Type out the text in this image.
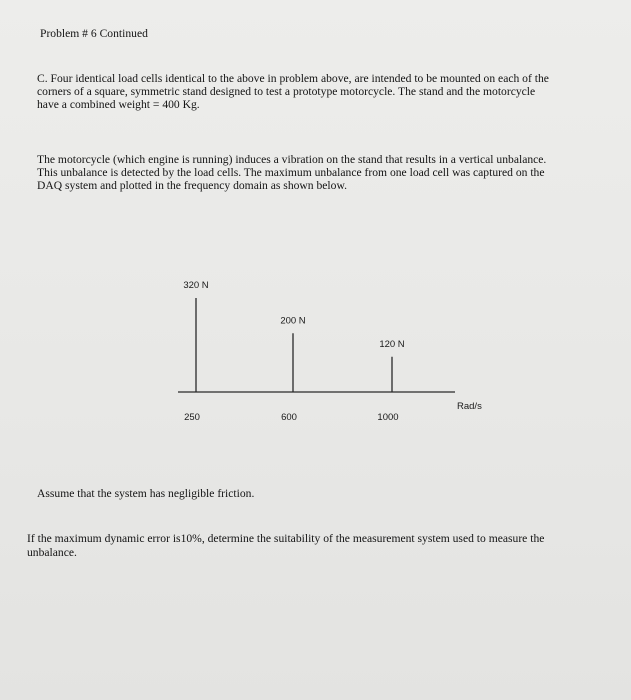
Problem # 6 Continued
C. Four identical load cells identical to the above in problem above, are intended to be mounted on each of the
corners of a square, symmetric stand designed to test a prototype motorcycle. The stand and the motorcycle
have a combined weight = 400 Kg.
The motorcycle (which engine is running) induces a vibration on the stand that results in a vertical unbalance.
This unbalance is detected by the load cells. The maximum unbalance from one load cell was captured on the
DAQ system and plotted in the frequency domain as shown below.
320 N
250
200 N
600
120 N
1000
Rad/s
Assume that the system has negligible friction.
If the maximum dynamic error is10%, determine the suitability of the measurement system used to measure the
unbalance.
